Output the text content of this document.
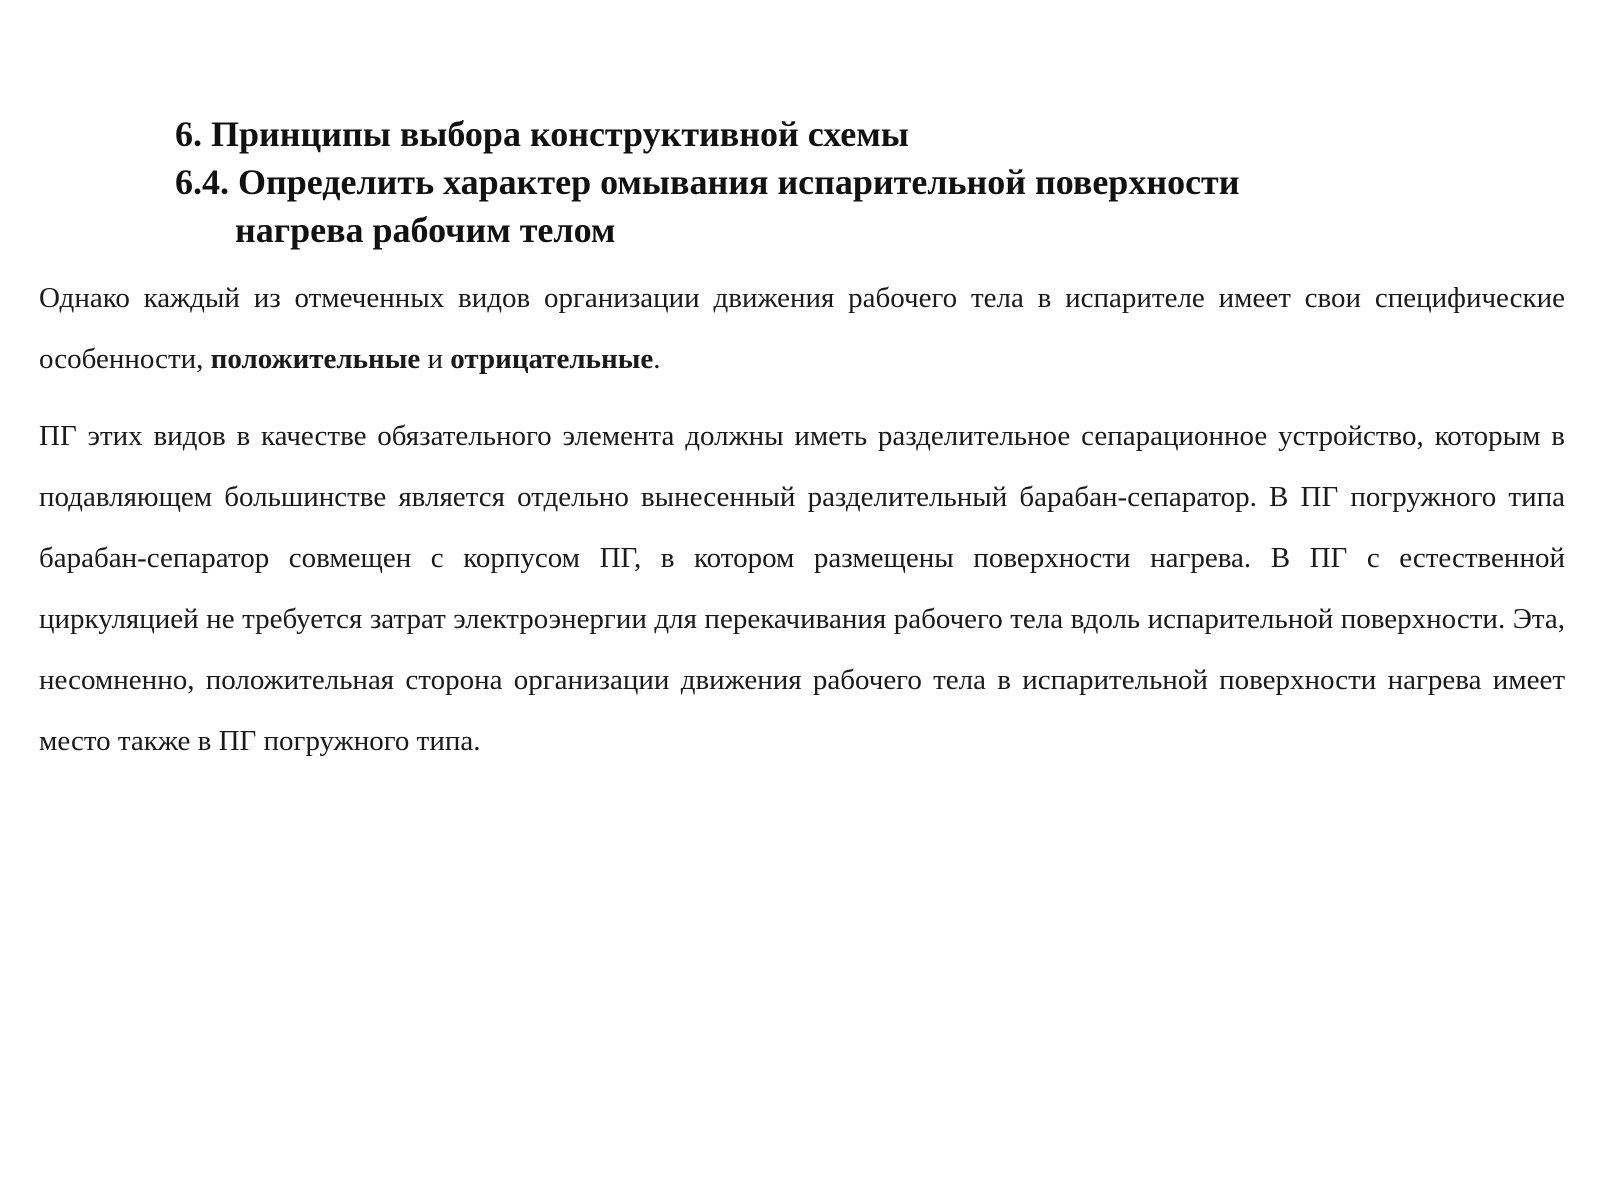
6. Принципы выбора конструктивной схемы
6.4. Определить характер омывания испарительной поверхности
нагрева рабочим телом

Однако каждый из отмеченных видов организации движения рабочего тела в испарителе имеет свои специфические особенности, положительные и отрицательные.

ПГ этих видов в качестве обязательного элемента должны иметь разделительное сепарационное устройство, которым в подавляющем большинстве является отдельно вынесенный разделительный барабан-сепаратор. В ПГ погружного типа барабан-сепаратор совмещен с корпусом ПГ, в котором размещены поверхности нагрева. В ПГ с естественной циркуляцией не требуется затрат электроэнергии для перекачивания рабочего тела вдоль испарительной поверхности. Эта, несомненно, положительная сторона организации движения рабочего тела в испарительной поверхности нагрева имеет место также в ПГ погружного типа.
